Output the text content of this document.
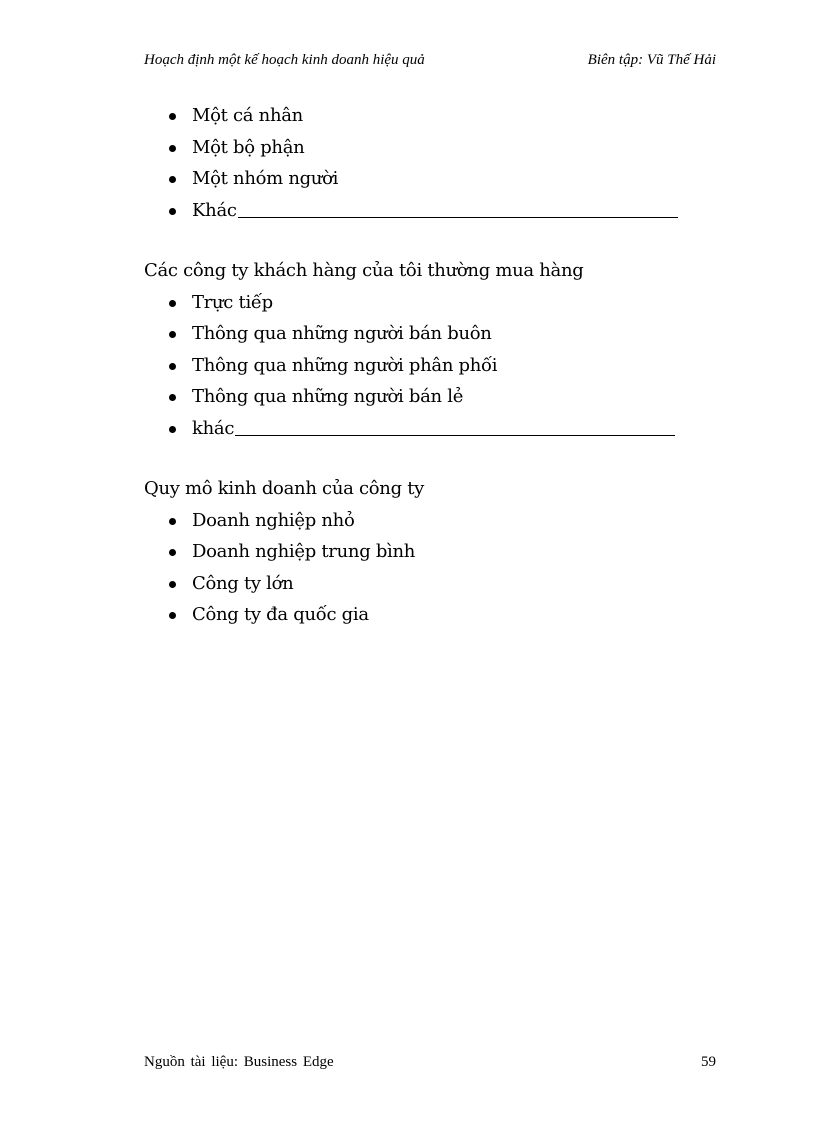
Hoạch định một kế hoạch kinh doanh hiệu quả	Biên tập: Vũ Thế Hải
Một cá nhân
Một bộ phận
Một nhóm người
Khác
Các công ty khách hàng của tôi thường mua hàng
Trực tiếp
Thông qua những người bán buôn
Thông qua những người phân phối
Thông qua những người bán lẻ
khác
Quy mô kinh doanh của công ty
Doanh nghiệp nhỏ
Doanh nghiệp trung bình
Công ty lớn
Công ty đa quốc gia
Nguồn tài liệu: Business Edge	59
